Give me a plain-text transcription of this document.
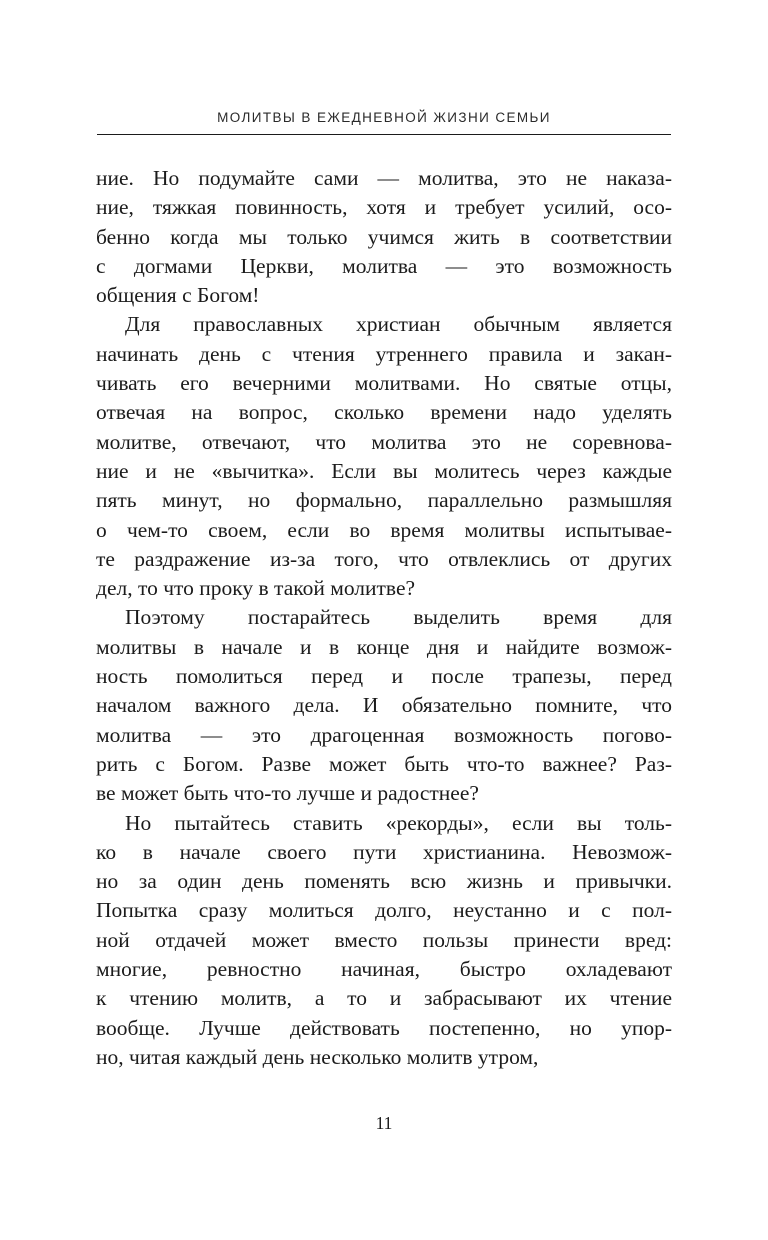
МОЛИТВЫ В ЕЖЕДНЕВНОЙ ЖИЗНИ СЕМЬИ
ние. Но подумайте сами — молитва, это не наказа-
ние, тяжкая повинность, хотя и требует усилий, осо-
бенно когда мы только учимся жить в соответствии
с догмами Церкви, молитва — это возможность
общения с Богом!
Для православных христиан обычным является
начинать день с чтения утреннего правила и закан-
чивать его вечерними молитвами. Но святые отцы,
отвечая на вопрос, сколько времени надо уделять
молитве, отвечают, что молитва это не соревнова-
ние и не «вычитка». Если вы молитесь через каждые
пять минут, но формально, параллельно размышляя
о чем-то своем, если во время молитвы испытывае-
те раздражение из-за того, что отвлеклись от других
дел, то что проку в такой молитве?
Поэтому постарайтесь выделить время для
молитвы в начале и в конце дня и найдите возмож-
ность помолиться перед и после трапезы, перед
началом важного дела. И обязательно помните, что
молитва — это драгоценная возможность погово-
рить с Богом. Разве может быть что-то важнее? Раз-
ве может быть что-то лучше и радостнее?
Но пытайтесь ставить «рекорды», если вы толь-
ко в начале своего пути христианина. Невозмож-
но за один день поменять всю жизнь и привычки.
Попытка сразу молиться долго, неустанно и с пол-
ной отдачей может вместо пользы принести вред:
многие, ревностно начиная, быстро охладевают
к чтению молитв, а то и забрасывают их чтение
вообще. Лучше действовать постепенно, но упор-
но, читая каждый день несколько молитв утром,
11
